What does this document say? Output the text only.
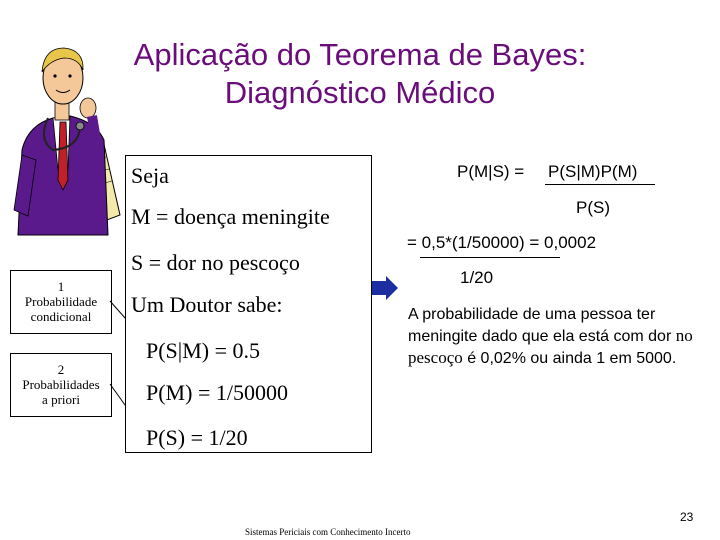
Aplicação do Teorema de Bayes:
Diagnóstico Médico
1
Probabilidade
condicional
2
Probabilidades
a priori
Seja
M = doença meningite
S = dor no pescoço
Um Doutor sabe:
P(S|M) = 0.5
P(M) = 1/50000
P(S) = 1/20
P(M|S) = P(S|M)P(M)
P(S)
= 0,5*(1/50000) = 0,0002
1/20
A probabilidade de uma pessoa ter meningite dado que ela está com dor no pescoço é 0,02% ou ainda 1 em 5000.
Sistemas Periciais com Conhecimento Incerto
23
